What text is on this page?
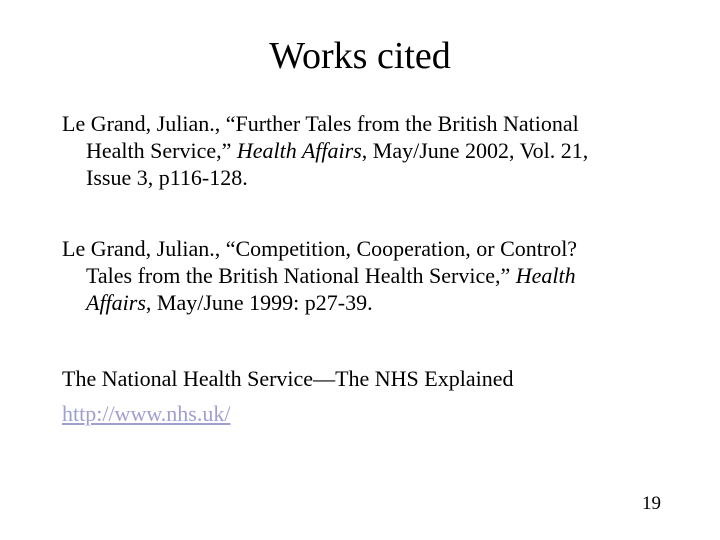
Works cited
Le Grand, Julian., “Further Tales from the British National
Health Service,” Health Affairs, May/June 2002, Vol. 21,
Issue 3, p116-128.
Le Grand, Julian., “Competition, Cooperation, or Control?
Tales from the British National Health Service,” Health
Affairs, May/June 1999: p27-39.
The National Health Service—The NHS Explained
http://www.nhs.uk/
19
